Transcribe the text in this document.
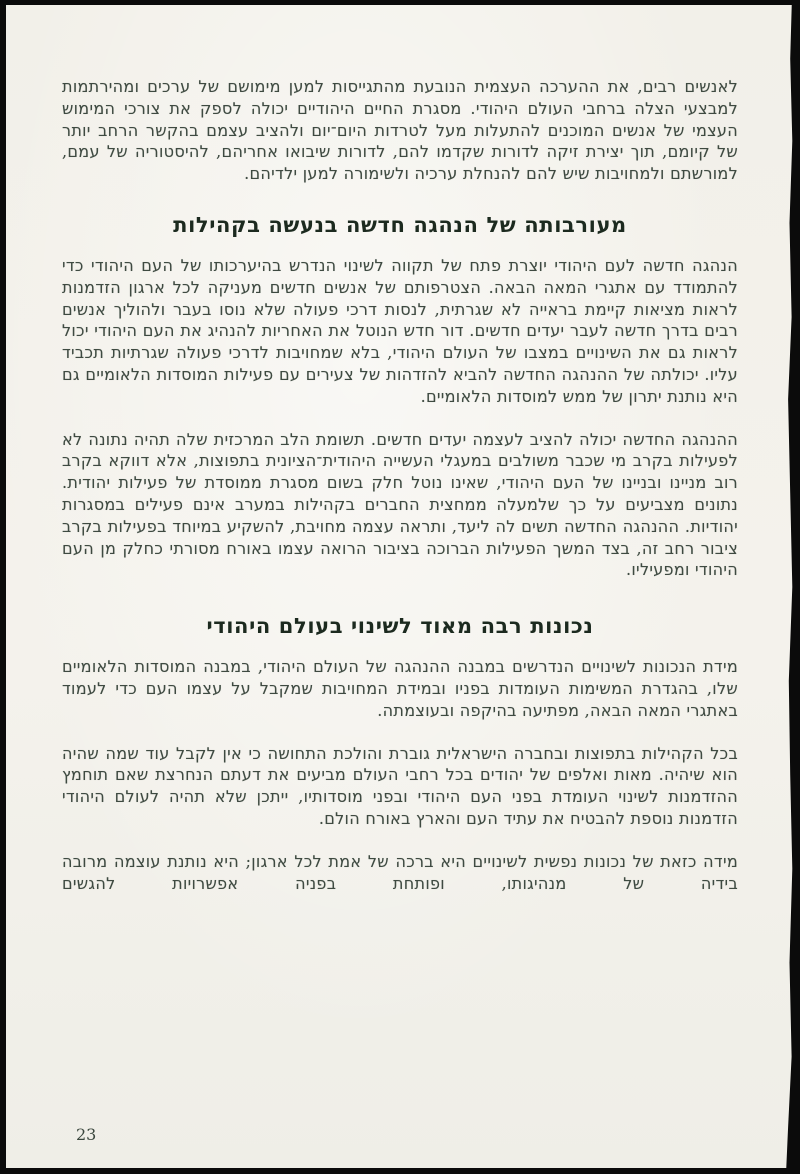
לאנשים רבים, את ההערכה העצמית הנובעת מהתגייסות למען מימושם של ערכים ומהירתמות למבצעי הצלה ברחבי העולם היהודי. מסגרת החיים היהודיים יכולה לספק את צורכי המימוש העצמי של אנשים המוכנים להתעלות מעל לטרדות היום־יום ולהציב עצמם בהקשר הרחב יותר של קיומם, תוך יצירת זיקה לדורות שקדמו להם, לדורות שיבואו אחריהם, להיסטוריה של עמם, למורשתם ולמחויבות שיש להם להנחלת ערכיה ולשימורה למען ילדיהם.

מעורבותה של הנהגה חדשה בנעשה בקהילות

הנהגה חדשה לעם היהודי יוצרת פתח של תקווה לשינוי הנדרש בהיערכותו של העם היהודי כדי להתמודד עם אתגרי המאה הבאה. הצטרפותם של אנשים חדשים מעניקה לכל ארגון הזדמנות לראות מציאות קיימת בראייה לא שגרתית, לנסות דרכי פעולה שלא נוסו בעבר ולהוליך אנשים רבים בדרך חדשה לעבר יעדים חדשים. דור חדש הנוטל את האחריות להנהיג את העם היהודי יכול לראות גם את השינויים במצבו של העולם היהודי, בלא שמחויבות לדרכי פעולה שגרתיות תכביד עליו. יכולתה של ההנהגה החדשה להביא להזדהות של צעירים עם פעילות המוסדות הלאומיים גם היא נותנת יתרון של ממש למוסדות הלאומיים.

ההנהגה החדשה יכולה להציב לעצמה יעדים חדשים. תשומת הלב המרכזית שלה תהיה נתונה לא לפעילות בקרב מי שכבר משולבים במעגלי העשייה היהודית־הציונית בתפוצות, אלא דווקא בקרב רוב מניינו ובניינו של העם היהודי, שאינו נוטל חלק בשום מסגרת ממוסדת של פעילות יהודית. נתונים מצביעים על כך שלמעלה ממחצית החברים בקהילות במערב אינם פעילים במסגרות יהודיות. ההנהגה החדשה תשים לה ליעד, ותראה עצמה מחויבת, להשקיע במיוחד בפעילות בקרב ציבור רחב זה, בצד המשך הפעילות הברוכה בציבור הרואה עצמו באורח מסורתי כחלק מן העם היהודי ומפעיליו.

נכונות רבה מאוד לשינוי בעולם היהודי

מידת הנכונות לשינויים הנדרשים במבנה ההנהגה של העולם היהודי, במבנה המוסדות הלאומיים שלו, בהגדרת המשימות העומדות בפניו ובמידת המחויבות שמקבל על עצמו העם כדי לעמוד באתגרי המאה הבאה, מפתיעה בהיקפה ובעוצמתה.

בכל הקהילות בתפוצות ובחברה הישראלית גוברת והולכת התחושה כי אין לקבל עוד שמה שהיה הוא שיהיה. מאות ואלפים של יהודים בכל רחבי העולם מביעים את דעתם הנחרצת שאם תוחמץ ההזדמנות לשינוי העומדת בפני העם היהודי ובפני מוסדותיו, ייתכן שלא תהיה לעולם היהודי הזדמנות נוספת להבטיח את עתיד העם והארץ באורח הולם.

מידה כזאת של נכונות נפשית לשינויים היא ברכה של אמת לכל ארגון; היא נותנת עוצמה מרובה בידיה של מנהיגותו, ופותחת בפניה אפשרויות להגשים

23
